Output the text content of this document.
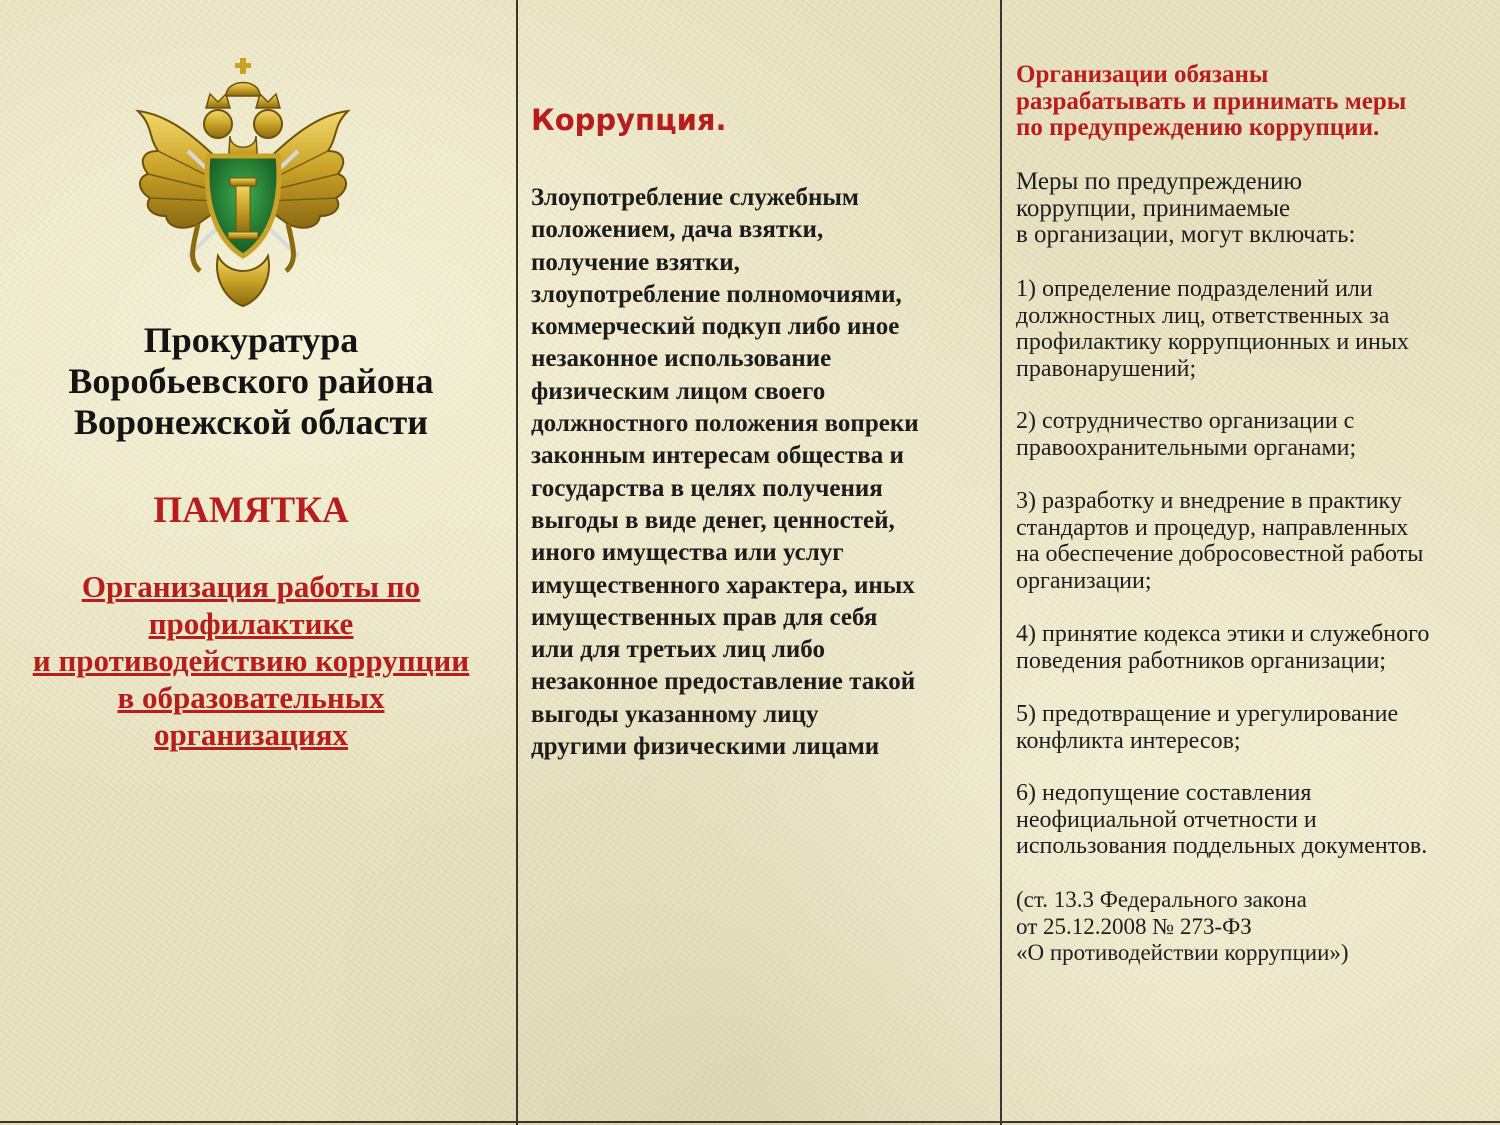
Прокуратура
Воробьевского района
Воронежской области
ПАМЯТКА
Организация работы по
профилактике
и противодействию коррупции
в образовательных
организациях
Коррупция.
Злоупотребление служебным
положением, дача взятки,
получение взятки,
злоупотребление полномочиями,
коммерческий подкуп либо иное
незаконное использование
физическим лицом своего
должностного положения вопреки
законным интересам общества и
государства в целях получения
выгоды в виде денег, ценностей,
иного имущества или услуг
имущественного характера, иных
имущественных прав для себя
или для третьих лиц либо
незаконное предоставление такой
выгоды указанному лицу
другими физическими лицами
Организации обязаны
разрабатывать и принимать меры
по предупреждению коррупции.
Меры по предупреждению
коррупции, принимаемые
в организации, могут включать:
1) определение подразделений или
должностных лиц, ответственных за
профилактику коррупционных и иных
правонарушений;
2) сотрудничество организации с
правоохранительными органами;
3) разработку и внедрение в практику
стандартов и процедур, направленных
на обеспечение добросовестной работы
организации;
4) принятие кодекса этики и служебного
поведения работников организации;
5) предотвращение и урегулирование
конфликта интересов;
6) недопущение составления
неофициальной отчетности и
использования поддельных документов.
(ст. 13.3 Федерального закона
от 25.12.2008 № 273-ФЗ
«О противодействии коррупции»)
